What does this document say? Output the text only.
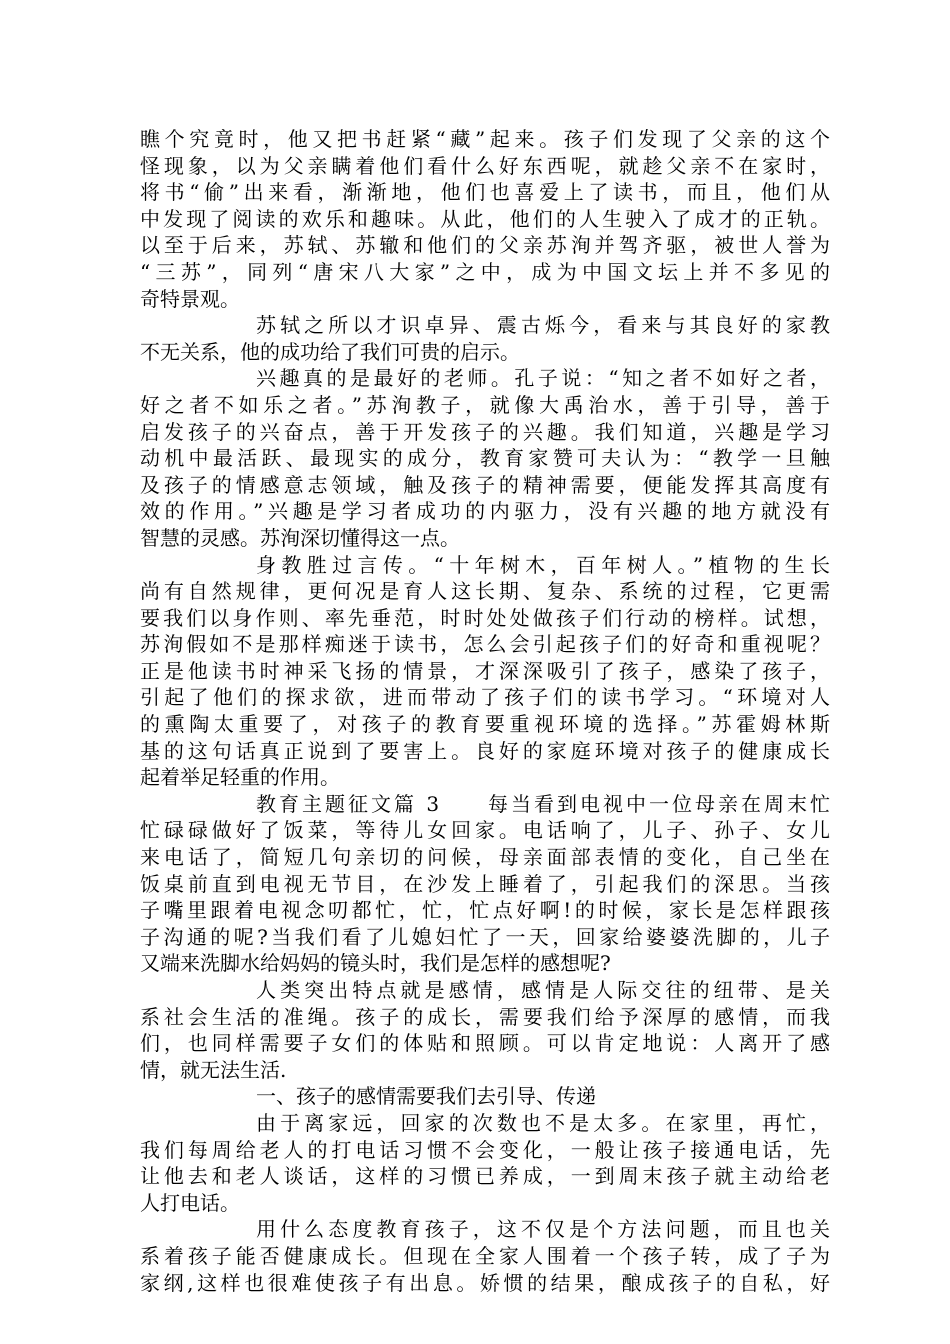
瞧个究竟时，他又把书赶紧“藏”起来。孩子们发现了父亲的这个
怪现象，以为父亲瞒着他们看什么好东西呢，就趁父亲不在家时，
将书“偷”出来看，渐渐地，他们也喜爱上了读书，而且，他们从
中发现了阅读的欢乐和趣味。从此，他们的人生驶入了成才的正轨。
以至于后来，苏轼、苏辙和他们的父亲苏洵并驾齐驱，被世人誉为
“三苏”，同列“唐宋八大家”之中，成为中国文坛上并不多见的
奇特景观。
苏轼之所以才识卓异、震古烁今，看来与其良好的家教
不无关系，他的成功给了我们可贵的启示。
兴趣真的是最好的老师。孔子说：“知之者不如好之者，
好之者不如乐之者。”苏洵教子，就像大禹治水，善于引导，善于
启发孩子的兴奋点，善于开发孩子的兴趣。我们知道，兴趣是学习
动机中最活跃、最现实的成分，教育家赞可夫认为：“教学一旦触
及孩子的情感意志领域，触及孩子的精神需要，便能发挥其高度有
效的作用。”兴趣是学习者成功的内驱力，没有兴趣的地方就没有
智慧的灵感。苏洵深切懂得这一点。
身教胜过言传。“十年树木，百年树人。”植物的生长
尚有自然规律，更何况是育人这长期、复杂、系统的过程，它更需
要我们以身作则、率先垂范，时时处处做孩子们行动的榜样。试想，
苏洵假如不是那样痴迷于读书，怎么会引起孩子们的好奇和重视呢？
正是他读书时神采飞扬的情景，才深深吸引了孩子，感染了孩子，
引起了他们的探求欲，进而带动了孩子们的读书学习。“环境对人
的熏陶太重要了，对孩子的教育要重视环境的选择。”苏霍姆林斯
基的这句话真正说到了要害上。良好的家庭环境对孩子的健康成长
起着举足轻重的作用。
教育主题征文篇 3　　每当看到电视中一位母亲在周末忙
忙碌碌做好了饭菜，等待儿女回家。电话响了，儿子、孙子、女儿
来电话了，简短几句亲切的问候，母亲面部表情的变化，自己坐在
饭桌前直到电视无节目，在沙发上睡着了，引起我们的深思。当孩
子嘴里跟着电视念叨都忙，忙，忙点好啊!的时候，家长是怎样跟孩
子沟通的呢?当我们看了儿媳妇忙了一天，回家给婆婆洗脚的，儿子
又端来洗脚水给妈妈的镜头时，我们是怎样的感想呢?
人类突出特点就是感情，感情是人际交往的纽带、是关
系社会生活的准绳。孩子的成长，需要我们给予深厚的感情，而我
们，也同样需要子女们的体贴和照顾。可以肯定地说：人离开了感
情，就无法生活.
一、孩子的感情需要我们去引导、传递
由于离家远，回家的次数也不是太多。在家里，再忙，
我们每周给老人的打电话习惯不会变化，一般让孩子接通电话，先
让他去和老人谈话，这样的习惯已养成，一到周末孩子就主动给老
人打电话。
用什么态度教育孩子，这不仅是个方法问题，而且也关
系着孩子能否健康成长。但现在全家人围着一个孩子转，成了子为
家纲,这样也很难使孩子有出息。娇惯的结果，酿成孩子的自私，好
